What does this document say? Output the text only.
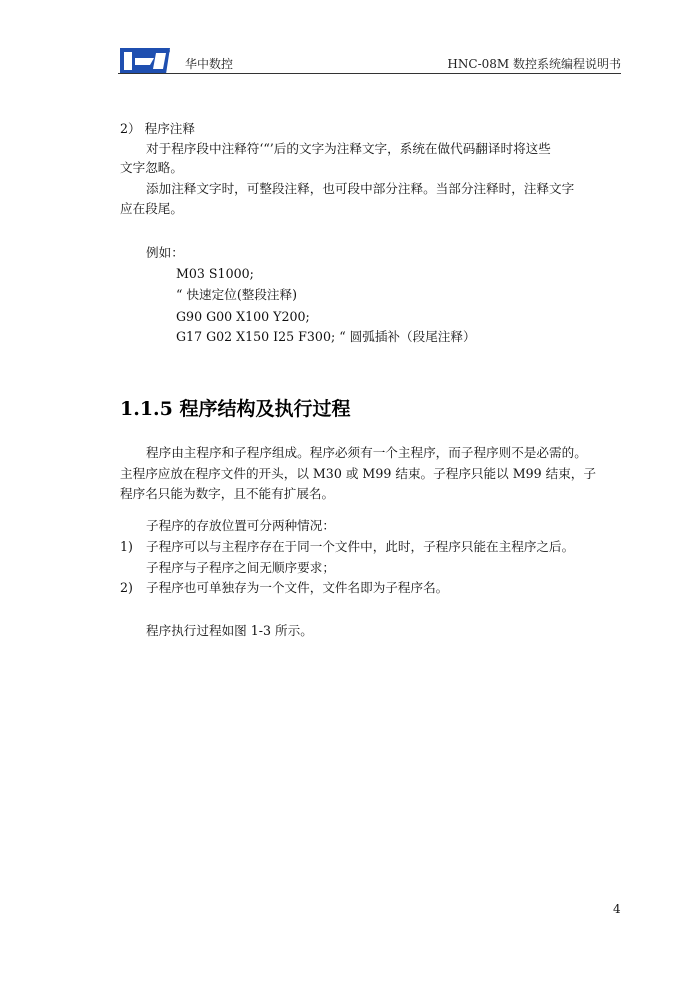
华中数控	HNC-08M 数控系统编程说明书
2） 程序注释
对于程序段中注释符‘“’后的文字为注释文字，系统在做代码翻译时将这些
文字忽略。
添加注释文字时，可整段注释，也可段中部分注释。当部分注释时，注释文字
应在段尾。
例如：
M03 S1000;
“ 快速定位(整段注释)
G90 G00 X100 Y200;
G17 G02 X150 I25 F300; “ 圆弧插补（段尾注释）
1.1.5 程序结构及执行过程
程序由主程序和子程序组成。程序必须有一个主程序，而子程序则不是必需的。
主程序应放在程序文件的开头，以 M30 或 M99 结束。子程序只能以 M99 结束，子
程序名只能为数字，且不能有扩展名。
子程序的存放位置可分两种情况：
1) 子程序可以与主程序存在于同一个文件中，此时，子程序只能在主程序之后。
子程序与子程序之间无顺序要求；
2) 子程序也可单独存为一个文件，文件名即为子程序名。
程序执行过程如图 1-3 所示。
4
